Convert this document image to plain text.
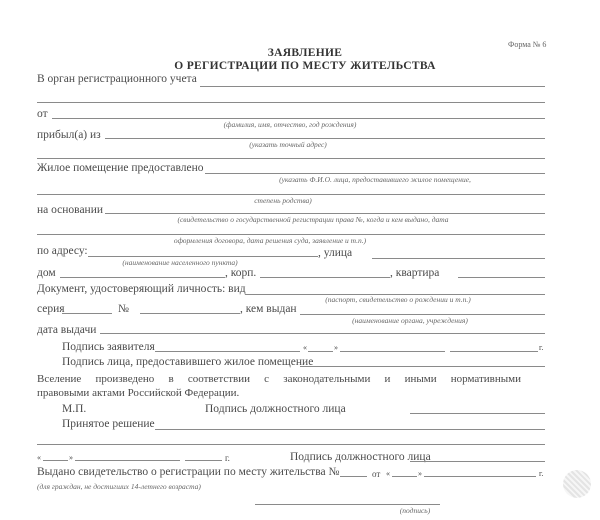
Форма № 6
ЗАЯВЛЕНИЕ
О РЕГИСТРАЦИИ ПО МЕСТУ ЖИТЕЛЬСТВА
В орган регистрационного учета
от
(фамилия, имя, отчество, год рождения)
прибыл(а) из
(указать точный адрес)
Жилое помещение предоставлено
(указать Ф.И.О. лица, предоставившего жилое помещение,
степень родства)
на основании
(свидетельство о государственной регистрации права №, когда и кем выдано, дата
оформления договора, дата решения суда, заявление и т.п.)
по адресу:	, улица
(наименование населенного пункта)
дом	, корп.	, квартира
Документ, удостоверяющий личность: вид
(паспорт, свидетельство о рождении и т.п.)
серия	№	, кем выдан
(наименование органа, учреждения)
дата выдачи
Подпись заявителя	«	»	г.
Подпись лица, предоставившего жилое помещение
Вселение произведено в соответствии с законодательными и иными нормативными
правовыми актами Российской Федерации.
М.П.	Подпись должностного лица
Принятое решение
«	»	г.	Подпись должностного лица
Выдано свидетельство о регистрации по месту жительства №	от «	»	г.
(для граждан, не достигших 14-летнего возраста)
(подпись)
